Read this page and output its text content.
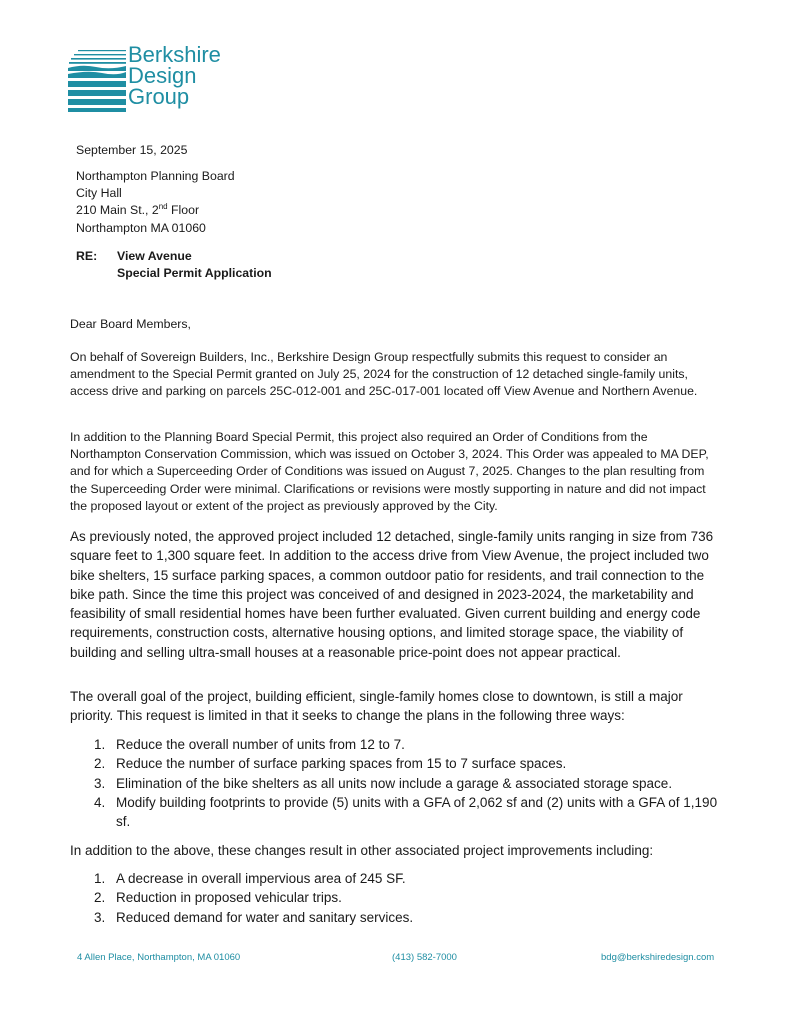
Berkshire
Design
Group
September 15, 2025
Northampton Planning Board
City Hall
210 Main St., 2nd Floor
Northampton MA 01060
RE: View Avenue
Special Permit Application
Dear Board Members,

On behalf of Sovereign Builders, Inc., Berkshire Design Group respectfully submits this request to consider an amendment to the Special Permit granted on July 25, 2024 for the construction of 12 detached single-family units, access drive and parking on parcels 25C-012-001 and 25C-017-001 located off View Avenue and Northern Avenue.

In addition to the Planning Board Special Permit, this project also required an Order of Conditions from the Northampton Conservation Commission, which was issued on October 3, 2024. This Order was appealed to MA DEP, and for which a Superceeding Order of Conditions was issued on August 7, 2025. Changes to the plan resulting from the Superceeding Order were minimal. Clarifications or revisions were mostly supporting in nature and did not impact the proposed layout or extent of the project as previously approved by the City.

As previously noted, the approved project included 12 detached, single-family units ranging in size from 736 square feet to 1,300 square feet. In addition to the access drive from View Avenue, the project included two bike shelters, 15 surface parking spaces, a common outdoor patio for residents, and trail connection to the bike path. Since the time this project was conceived of and designed in 2023-2024, the marketability and feasibility of small residential homes have been further evaluated. Given current building and energy code requirements, construction costs, alternative housing options, and limited storage space, the viability of building and selling ultra-small houses at a reasonable price-point does not appear practical.

The overall goal of the project, building efficient, single-family homes close to downtown, is still a major priority. This request is limited in that it seeks to change the plans in the following three ways:

1. Reduce the overall number of units from 12 to 7.
2. Reduce the number of surface parking spaces from 15 to 7 surface spaces.
3. Elimination of the bike shelters as all units now include a garage & associated storage space.
4. Modify building footprints to provide (5) units with a GFA of 2,062 sf and (2) units with a GFA of 1,190 sf.

In addition to the above, these changes result in other associated project improvements including:

1. A decrease in overall impervious area of 245 SF.
2. Reduction in proposed vehicular trips.
3. Reduced demand for water and sanitary services.
4 Allen Place, Northampton, MA 01060	(413) 582-7000	bdg@berkshiredesign.com
